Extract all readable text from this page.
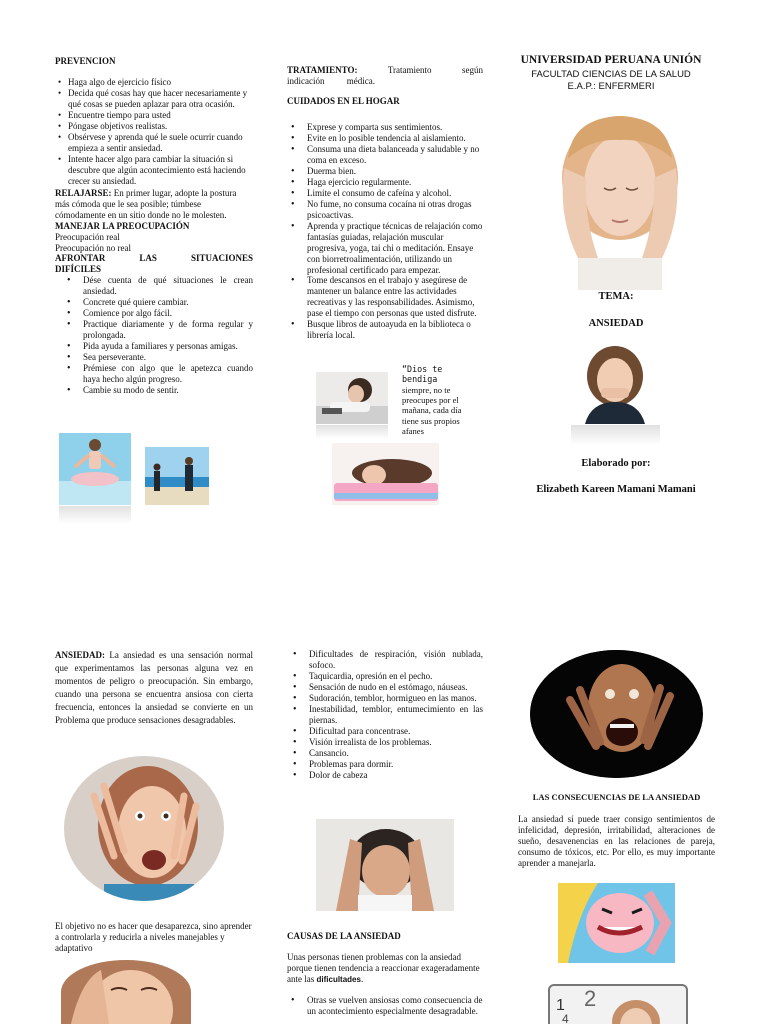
PREVENCION
• Haga algo de ejercicio físico
• Decida qué cosas hay que hacer necesariamente y qué cosas se pueden aplazar para otra ocasión.
• Encuentre tiempo para usted
• Póngase objetivos realistas.
• Obsérvese y aprenda qué le suele ocurrir cuando empieza a sentir ansiedad.
• Intente hacer algo para cambiar la situación si descubre que algún acontecimiento está haciendo crecer su ansiedad.
RELAJARSE: En primer lugar, adopte la postura más cómoda que le sea posible; túmbese cómodamente en un sitio donde no le molesten.
MANEJAR LA PREOCUPACIÓN
Preocupación real
Preocupación no real
AFRONTAR LAS SITUACIONES
DIFÍCILES
• Dése cuenta de qué situaciones le crean ansiedad.
• Concrete qué quiere cambiar.
• Comience por algo fácil.
• Practique diariamente y de forma regular y prolongada.
• Pida ayuda a familiares y personas amigas.
• Sea perseverante.
• Prémiese con algo que le apetezca cuando haya hecho algún progreso.
• Cambie su modo de sentir.
TRATAMIENTO: Tratamiento según indicación médica.
CUIDADOS EN EL HOGAR
• Exprese y comparta sus sentimientos.
• Evite en lo posible tendencia al aislamiento.
• Consuma una dieta balanceada y saludable y no coma en exceso.
• Duerma bien.
• Haga ejercicio regularmente.
• Limite el consumo de cafeína y alcohol.
• No fume, no consuma cocaína ni otras drogas psicoactivas.
• Aprenda y practique técnicas de relajación como fantasías guiadas, relajación muscular progresiva, yoga, tai chi o meditación. Ensaye con biorretroalimentación, utilizando un profesional certificado para empezar.
• Tome descansos en el trabajo y asegúrese de mantener un balance entre las actividades recreativas y las responsabilidades. Asimismo, pase el tiempo con personas que usted disfrute.
• Busque libros de autoayuda en la biblioteca o librería local.
“Dios te bendiga
siempre, no te preocupes por el mañana, cada día tiene sus propios afanes
UNIVERSIDAD PERUANA UNIÓN
FACULTAD CIENCIAS DE LA SALUD
E.A.P.: ENFERMERI
TEMA:
ANSIEDAD
Elaborado por:
Elizabeth Kareen Mamani Mamani
ANSIEDAD: La ansiedad es una sensación normal que experimentamos las personas alguna vez en momentos de peligro o preocupación. Sin embargo, cuando una persona se encuentra ansiosa con cierta frecuencia, entonces la ansiedad se convierte en un Problema que produce sensaciones desagradables.
El objetivo no es hacer que desaparezca, sino aprender a controlarla y reducirla a niveles manejables y adaptativo
• Dificultades de respiración, visión nublada, sofoco.
• Taquicardia, opresión en el pecho.
• Sensación de nudo en el estómago, náuseas.
• Sudoración, temblor, hormigueo en las manos.
• Inestabilidad, temblor, entumecimiento en las piernas.
• Dificultad para concentrase.
• Visión irrealista de los problemas.
• Cansancio.
• Problemas para dormir.
• Dolor de cabeza
CAUSAS DE LA ANSIEDAD
Unas personas tienen problemas con la ansiedad porque tienen tendencia a reaccionar exageradamente ante las dificultades.
• Otras se vuelven ansiosas como consecuencia de un acontecimiento especialmente desagradable.
LAS CONSECUENCIAS DE LA ANSIEDAD
La ansiedad sí puede traer consigo sentimientos de infelicidad, depresión, irritabilidad, alteraciones de sueño, desavenencias en las relaciones de pareja, consumo de tóxicos, etc. Por ello, es muy importante aprender a manejarla.
1 2
4
